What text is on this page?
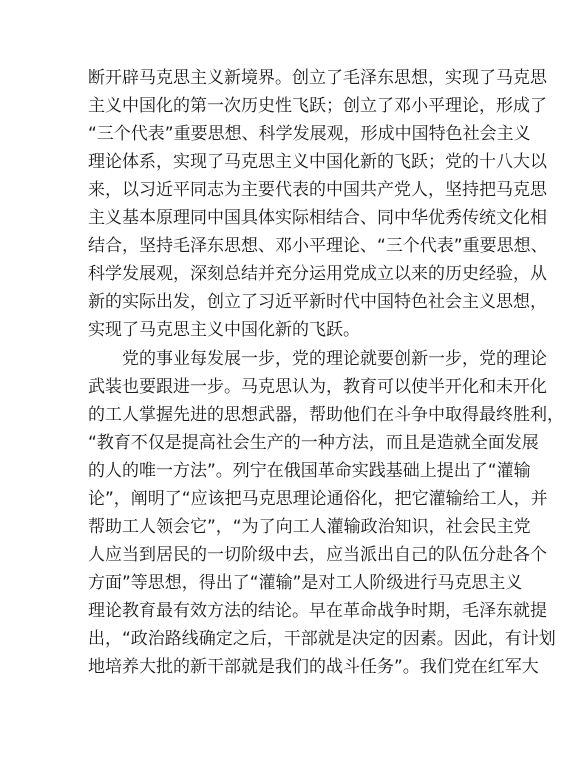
断开辟马克思主义新境界。创立了毛泽东思想，实现了马克思
主义中国化的第一次历史性飞跃；创立了邓小平理论，形成了
“三个代表”重要思想、科学发展观，形成中国特色社会主义
理论体系，实现了马克思主义中国化新的飞跃；党的十八大以
来，以习近平同志为主要代表的中国共产党人，坚持把马克思
主义基本原理同中国具体实际相结合、同中华优秀传统文化相
结合，坚持毛泽东思想、邓小平理论、“三个代表”重要思想、
科学发展观，深刻总结并充分运用党成立以来的历史经验，从
新的实际出发，创立了习近平新时代中国特色社会主义思想，
实现了马克思主义中国化新的飞跃。
党的事业每发展一步，党的理论就要创新一步，党的理论
武装也要跟进一步。马克思认为，教育可以使半开化和未开化
的工人掌握先进的思想武器，帮助他们在斗争中取得最终胜利，
“教育不仅是提高社会生产的一种方法，而且是造就全面发展
的人的唯一方法”。列宁在俄国革命实践基础上提出了“灌输
论”，阐明了“应该把马克思理论通俗化，把它灌输给工人，并
帮助工人领会它”，“为了向工人灌输政治知识，社会民主党
人应当到居民的一切阶级中去，应当派出自己的队伍分赴各个
方面”等思想，得出了“灌输”是对工人阶级进行马克思主义
理论教育最有效方法的结论。早在革命战争时期，毛泽东就提
出，“政治路线确定之后，干部就是决定的因素。因此，有计划
地培养大批的新干部就是我们的战斗任务”。我们党在红军大
